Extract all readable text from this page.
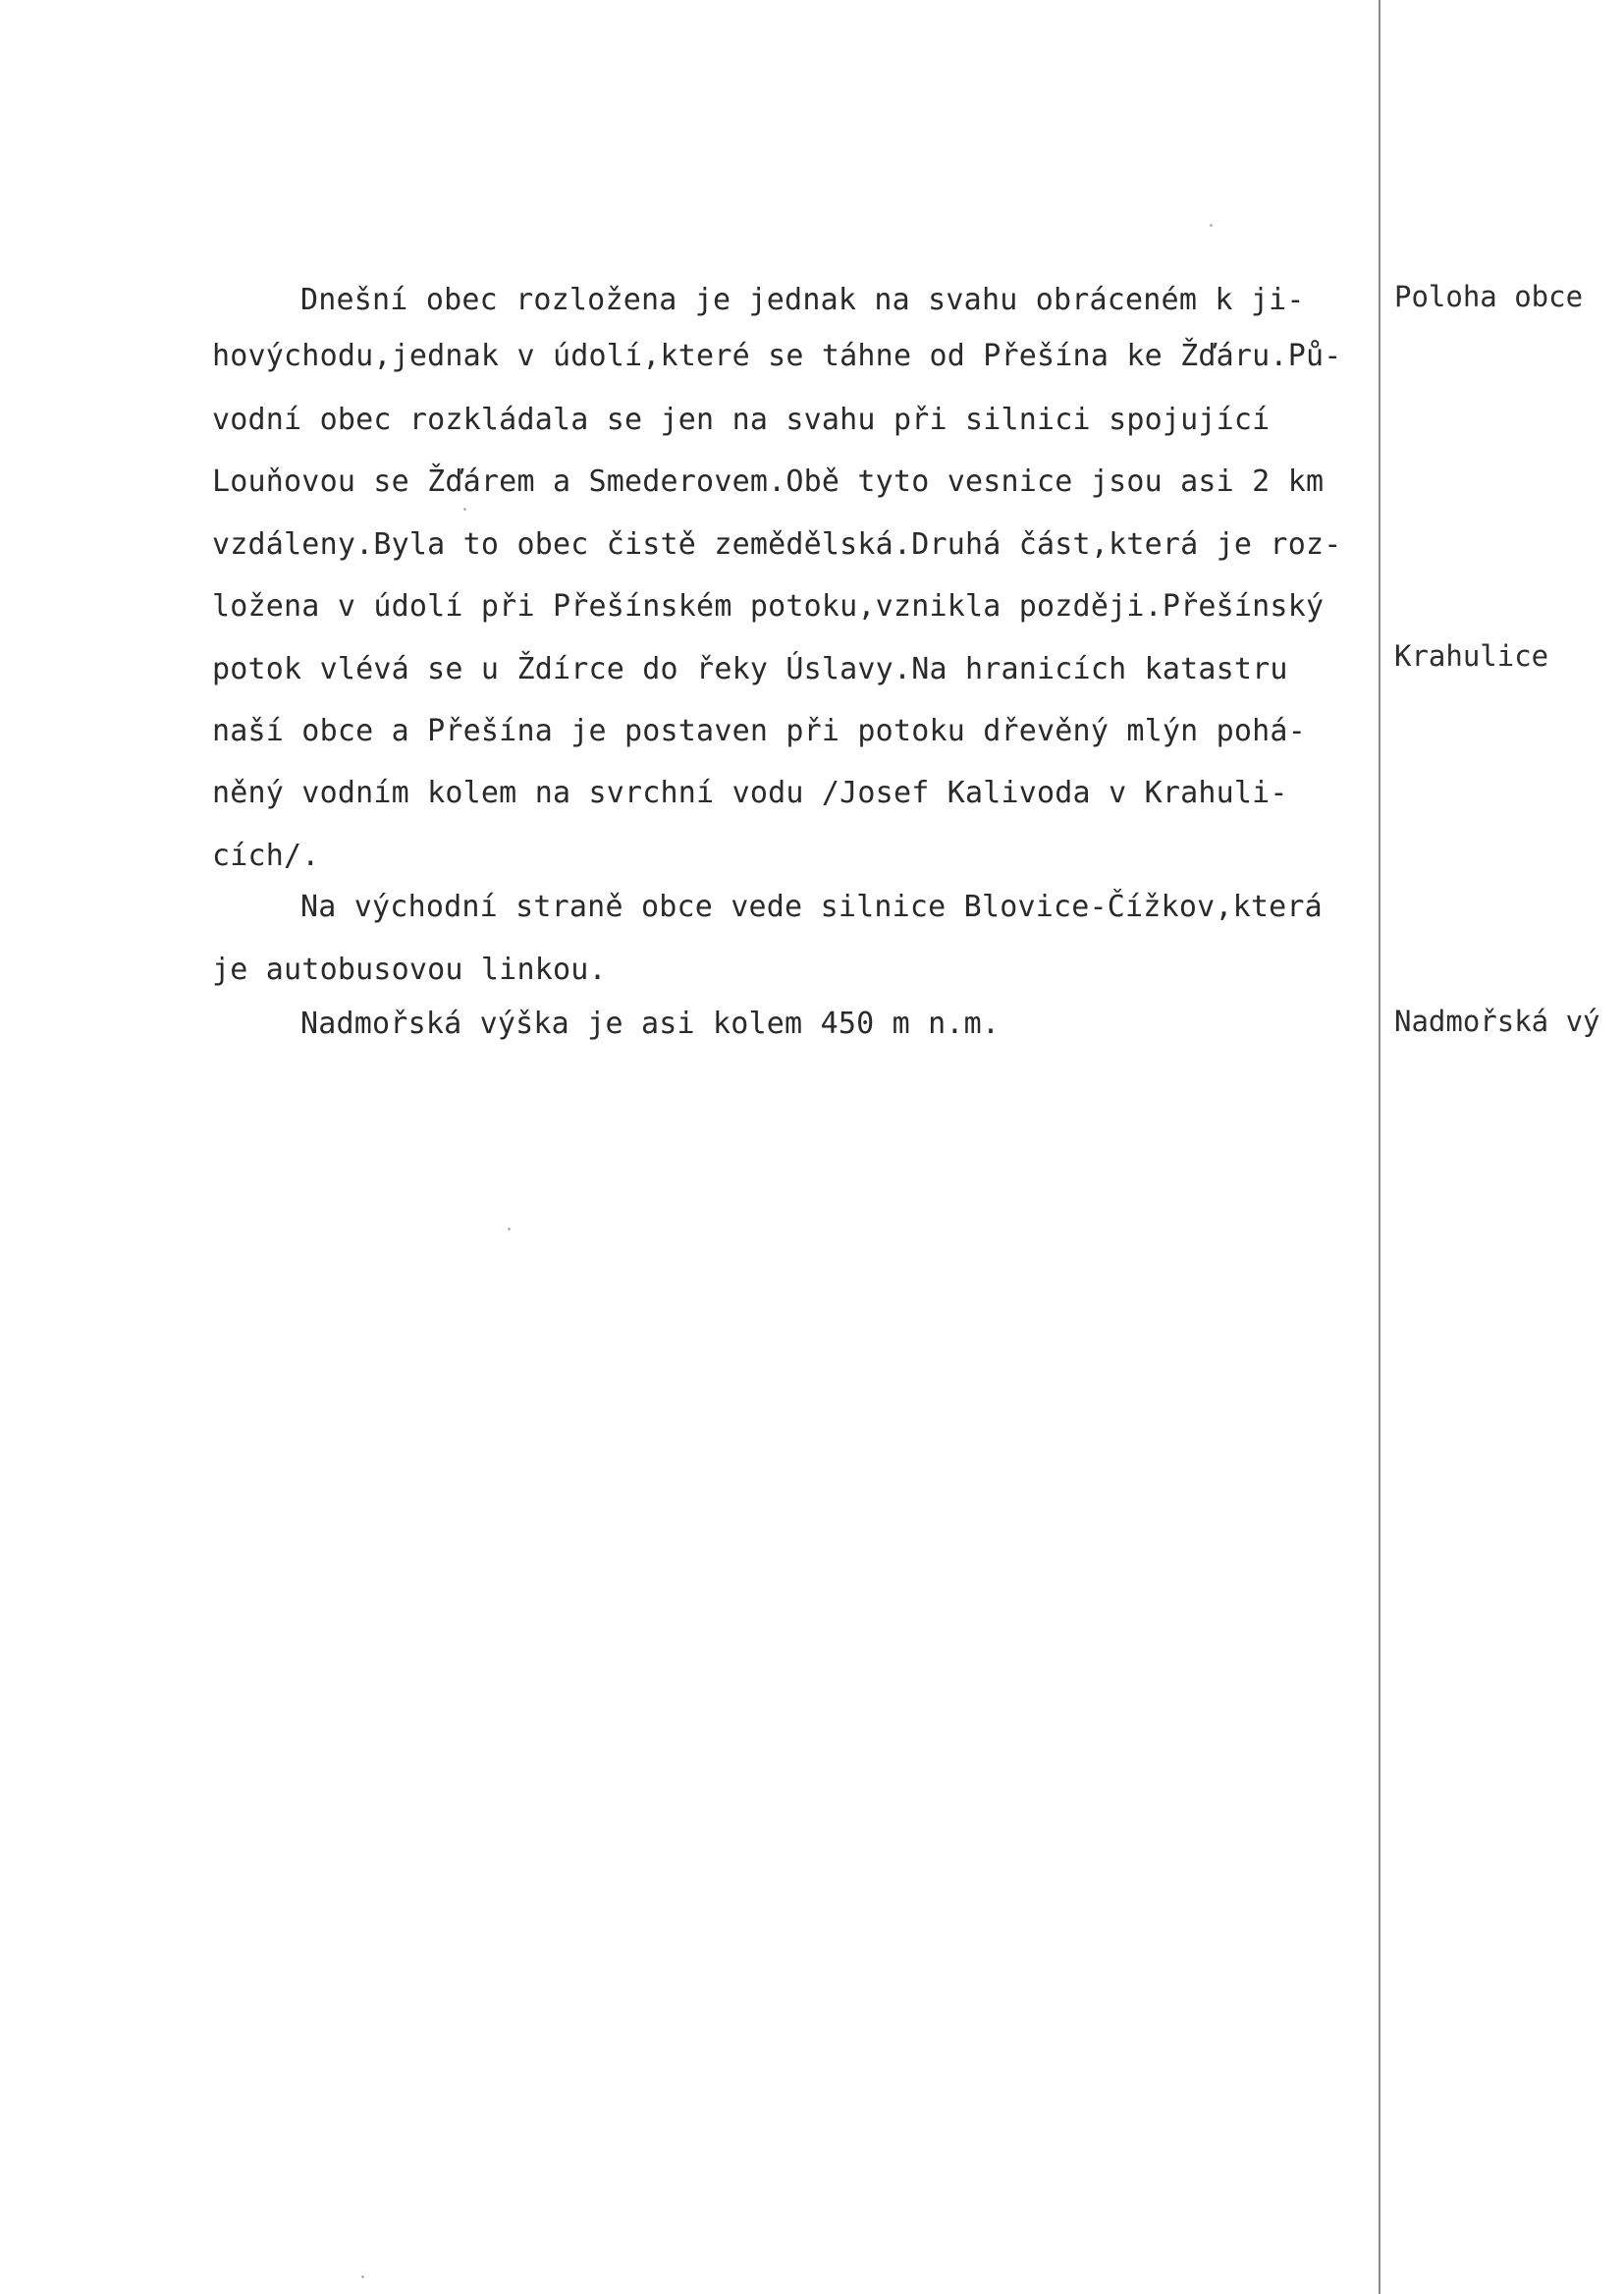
Dnešní obec rozložena je jednak na svahu obráceném k ji-
hovýchodu,jednak v údolí,které se táhne od Přešína ke Žďáru.Pů-
vodní obec rozkládala se jen na svahu při silnici spojující
Louňovou se Žďárem a Smederovem.Obě tyto vesnice jsou asi 2 km
vzdáleny.Byla to obec čistě zemědělská.Druhá část,která je roz-
ložena v údolí při Přešínském potoku,vznikla později.Přešínský
potok vlévá se u Ždírce do řeky Úslavy.Na hranicích katastru
naší obce a Přešína je postaven při potoku dřevěný mlýn pohá-
něný vodním kolem na svrchní vodu /Josef Kalivoda v Krahuli-
cích/.
Na východní straně obce vede silnice Blovice-Čížkov,která
je autobusovou linkou.
Nadmořská výška je asi kolem 450 m n.m.
Poloha obce
Krahulice
Nadmořská vý
